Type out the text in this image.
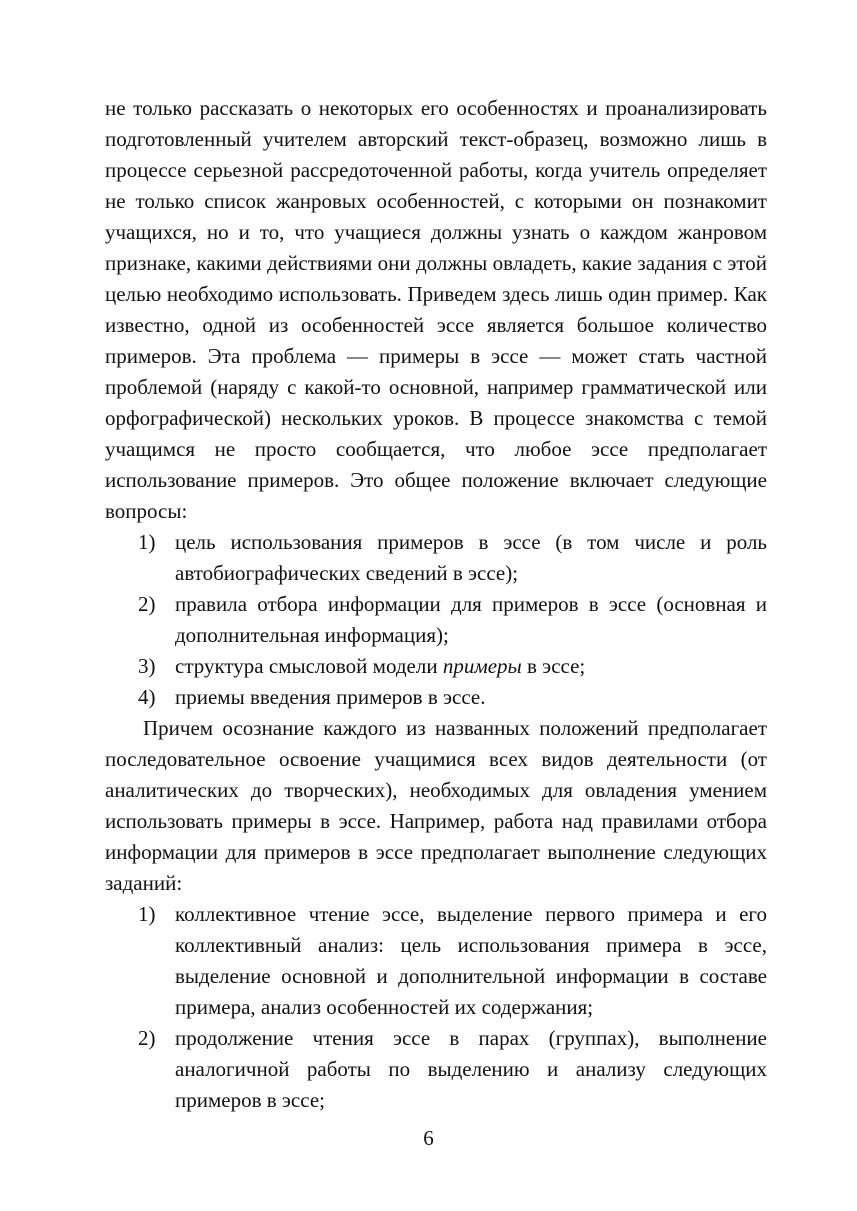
не только рассказать о некоторых его особенностях и проанализировать подготовленный учителем авторский текст-образец, возможно лишь в процессе серьезной рассредоточенной работы, когда учитель определяет не только список жанровых особенностей, с которыми он познакомит учащихся, но и то, что учащиеся должны узнать о каждом жанровом признаке, какими действиями они должны овладеть, какие задания с этой целью необходимо использовать. Приведем здесь лишь один пример. Как известно, одной из особенностей эссе является большое количество примеров. Эта проблема — примеры в эссе — может стать частной проблемой (наряду с какой-то основной, например грамматической или орфографической) нескольких уроков. В процессе знакомства с темой учащимся не просто сообщается, что любое эссе предполагает использование примеров. Это общее положение включает следующие вопросы:

1) цель использования примеров в эссе (в том числе и роль автобиографических сведений в эссе);
2) правила отбора информации для примеров в эссе (основная и дополнительная информация);
3) структура смысловой модели примеры в эссе;
4) приемы введения примеров в эссе.

Причем осознание каждого из названных положений предполагает последовательное освоение учащимися всех видов деятельности (от аналитических до творческих), необходимых для овладения умением использовать примеры в эссе. Например, работа над правилами отбора информации для примеров в эссе предполагает выполнение следующих заданий:

1) коллективное чтение эссе, выделение первого примера и его коллективный анализ: цель использования примера в эссе, выделение основной и дополнительной информации в составе примера, анализ особенностей их содержания;
2) продолжение чтения эссе в парах (группах), выполнение аналогичной работы по выделению и анализу следующих примеров в эссе;
6
